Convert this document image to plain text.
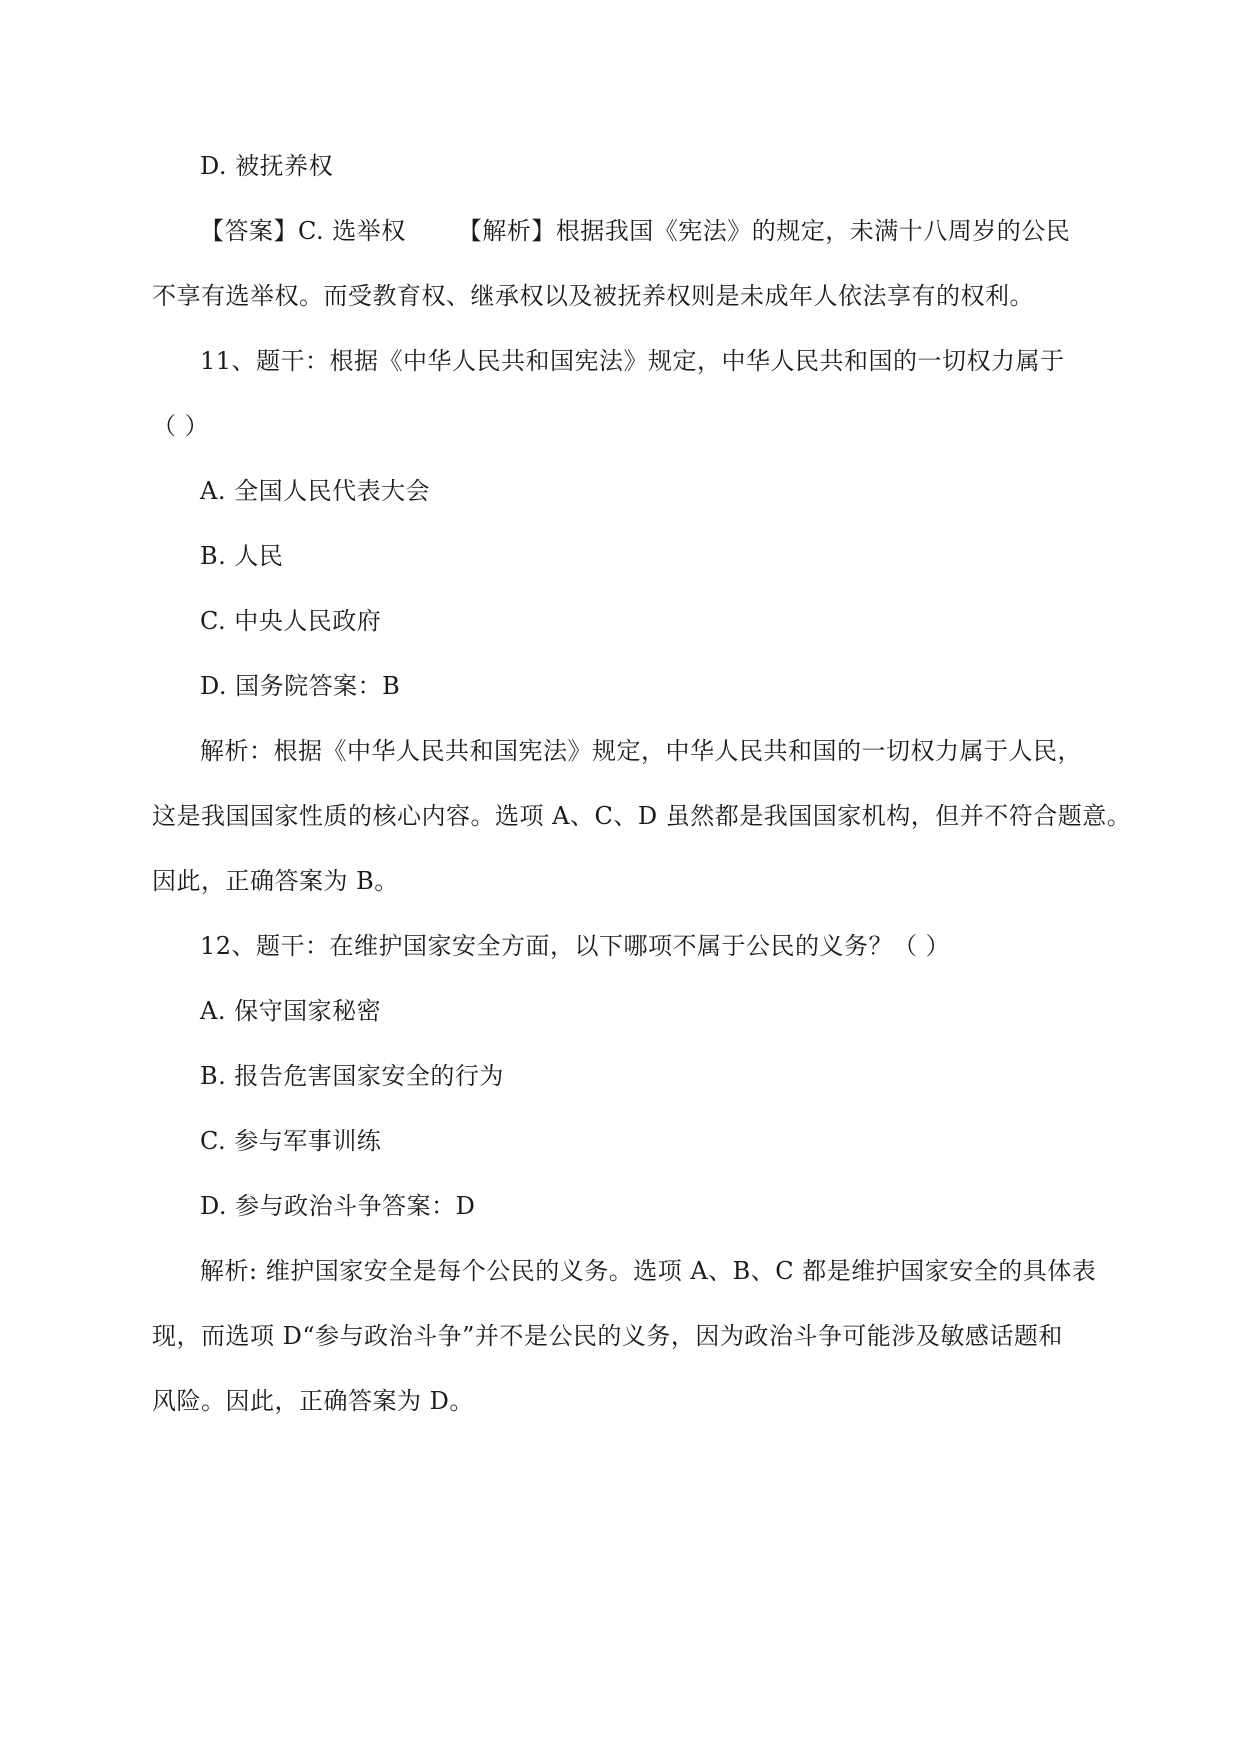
D. 被抚养权
【答案】C. 选举权 【解析】根据我国《宪法》的规定，未满十八周岁的公民
不享有选举权。而受教育权、继承权以及被抚养权则是未成年人依法享有的权利。
11、题干：根据《中华人民共和国宪法》规定，中华人民共和国的一切权力属于
（ ）
A. 全国人民代表大会
B. 人民
C. 中央人民政府
D. 国务院答案：B
解析：根据《中华人民共和国宪法》规定，中华人民共和国的一切权力属于人民，
这是我国国家性质的核心内容。选项 A、C、D 虽然都是我国国家机构，但并不符合题意。
因此，正确答案为 B。
12、题干：在维护国家安全方面，以下哪项不属于公民的义务？（ ）
A. 保守国家秘密
B. 报告危害国家安全的行为
C. 参与军事训练
D. 参与政治斗争答案：D
解析: 维护国家安全是每个公民的义务。选项 A、B、C 都是维护国家安全的具体表
现，而选项 D“参与政治斗争”并不是公民的义务，因为政治斗争可能涉及敏感话题和
风险。因此，正确答案为 D。
